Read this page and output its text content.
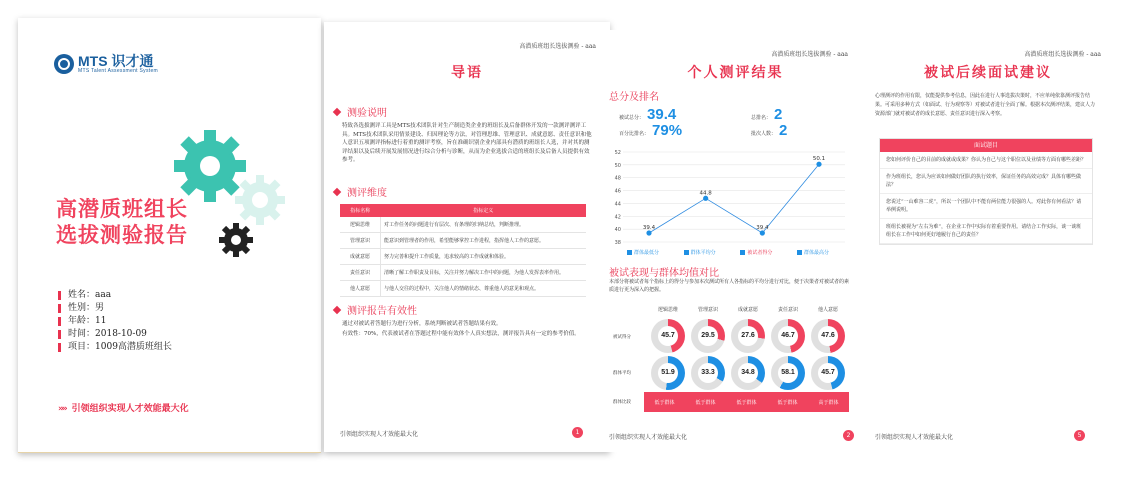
MTS 识才通
MTS Talent Assessment System
高潜质班组长
选拔测验报告
姓名：aaa
性别：男
年龄：11
时间：2018-10-09
项目：1009高潜质班组长
»» 引领组织实现人才效能最大化
高潜质班组长选拔测验 - aaa
导语
测验说明
特致各选拔测评工具是MTS技术团队针对生产制造类企业的班组长及后备群体开发的一款测评测评工具。MTS技术团队采用情景建设、归因理论等方法，对管理思维、管理意识、成就意愿、责任意识和他人意识五项测评指标进行着重的测评考察，旨在准确识别企业内部具有潜质的班组长人选，并对其的测评结果以及后续开展发展情况进行综合分析与诊断，从而为企业选拔合适的班组长及后备人员提供有效参考。
测评维度
指标名称	指标定义
逻辑思维	对工作任务的问题进行有层次、有条理的归纳总结，判断推理。
管理意识	能意识到管理者的作用，希望能够掌控工作进程，指挥他人工作的意愿。
成就意愿	努力完善和提升工作质量，追求较高的工作成就和体验。
责任意识	清晰了解工作职责及目标，关注并努力解决工作中的问题，为他人发挥表率作用。
他人意愿	与他人交往的过程中，关注他人的情绪状态、尊重他人的意见和观点。
测评报告有效性
通过对被试者答题行为进行分析，系统判断被试者答题结果有效。
有效性：70%，代表被试者在答题过程中能有效体个人真实想法，测评报告具有一定的参考价值。
引领组织实现人才效能最大化	1
高潜质班组长选拔测验 - aaa
个人测评结果
总分及排名
被试总分： 39.4
百分比排名： 79%
总排名： 2
批次人数： 2
38
40
42
44
46
48
50
52
39.4
44.8
39.4
50.1
群体最低分	群体平均分	被试者得分	群体最高分
被试表现与群体均值对比
本部分将被试者每个指标上的得分与参加本次测试所有人各指标的平均分进行对比，便于决策者对被试者的素质进行更为深入的把握。
逻辑思维	管理意识	成就意愿	责任意识	他人意愿
被试得分
群体平均
群体比较
45.7	29.5	27.6	46.7	47.6
51.9	33.3	34.8	58.1	45.7
低于群体	低于群体	低于群体	低于群体	高于群体
引领组织实现人才效能最大化	2
高潜质班组长选拔测验 - aaa
被试后续面试建议
心理测评的作用有限，仅能提供参考信息，因此在进行人事选拔决策时，不应单纯依靠测评报告结果。可采用多种方式（如面试、行为观察等）对被试者进行全面了解。根据本次测评结果，建议人力资源部门就对被试者的成长意愿、责任意识进行深入考察。
面试题目
您如何评价自己的目前的成就或成果？你认为自己与这个职位以及业绩等方面有哪些差距？
作为班组长，您认为应该如何做好团队的执行效率，保证任务的高效完成？具体有哪些做法？
您说过“一山难容二虎”，所以一个团队中不能有两位能力很强的人。对此你有何看法？请举例说明。
班组长被视为“左右为难”，在企业工作中实际有着重要作用。请结合工作实际，谈一谈班组长在工作中如何更好地履行自己的责任？
引领组织实现人才效能最大化	5
